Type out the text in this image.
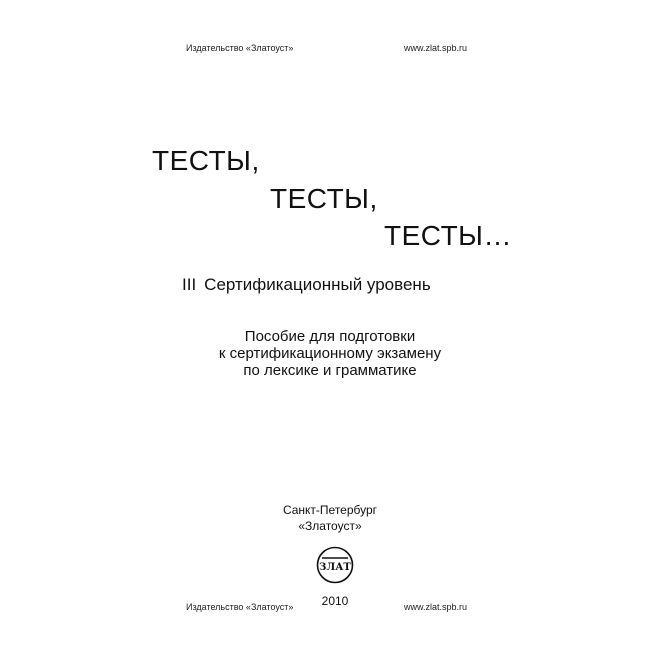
Издательство «Златоуст»	www.zlat.spb.ru
ТЕСТЫ,
ТЕСТЫ,
ТЕСТЫ…
III Сертификационный уровень
Пособие для подготовки
к сертификационному экзамену
по лексике и грамматике
Санкт-Петербург
«Златоуст»
ЗЛАТ
2010
Издательство «Златоуст»	www.zlat.spb.ru
